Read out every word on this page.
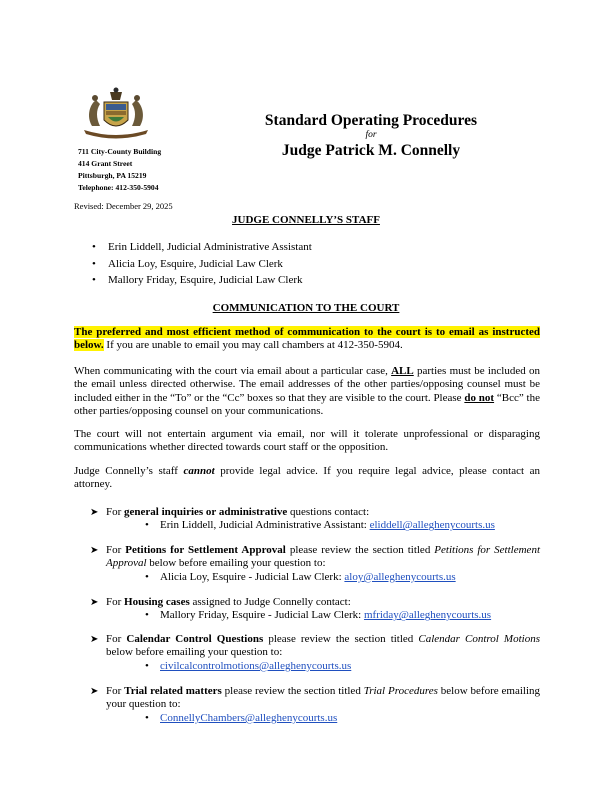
Standard Operating Procedures
for
Judge Patrick M. Connelly
711 City-County Building
414 Grant Street
Pittsburgh, PA 15219
Telephone: 412-350-5904
Revised: December 29, 2025
JUDGE CONNELLY’S STAFF
• Erin Liddell, Judicial Administrative Assistant
• Alicia Loy, Esquire, Judicial Law Clerk
• Mallory Friday, Esquire, Judicial Law Clerk
COMMUNICATION TO THE COURT
The preferred and most efficient method of communication to the court is to email as instructed below. If you are unable to email you may call chambers at 412-350-5904.
When communicating with the court via email about a particular case, ALL parties must be included on the email unless directed otherwise. The email addresses of the other parties/opposing counsel must be included either in the “To” or the “Cc” boxes so that they are visible to the court. Please do not “Bcc” the other parties/opposing counsel on your communications.
The court will not entertain argument via email, nor will it tolerate unprofessional or disparaging communications whether directed towards court staff or the opposition.
Judge Connelly’s staff cannot provide legal advice. If you require legal advice, please contact an attorney.
➤ For general inquiries or administrative questions contact:
• Erin Liddell, Judicial Administrative Assistant: eliddell@alleghenycourts.us
➤ For Petitions for Settlement Approval please review the section titled Petitions for Settlement Approval below before emailing your question to:
• Alicia Loy, Esquire - Judicial Law Clerk: aloy@alleghenycourts.us
➤ For Housing cases assigned to Judge Connelly contact:
• Mallory Friday, Esquire - Judicial Law Clerk: mfriday@alleghenycourts.us
➤ For Calendar Control Questions please review the section titled Calendar Control Motions below before emailing your question to:
• civilcalcontrolmotions@alleghenycourts.us
➤ For Trial related matters please review the section titled Trial Procedures below before emailing your question to:
• ConnellyChambers@alleghenycourts.us
